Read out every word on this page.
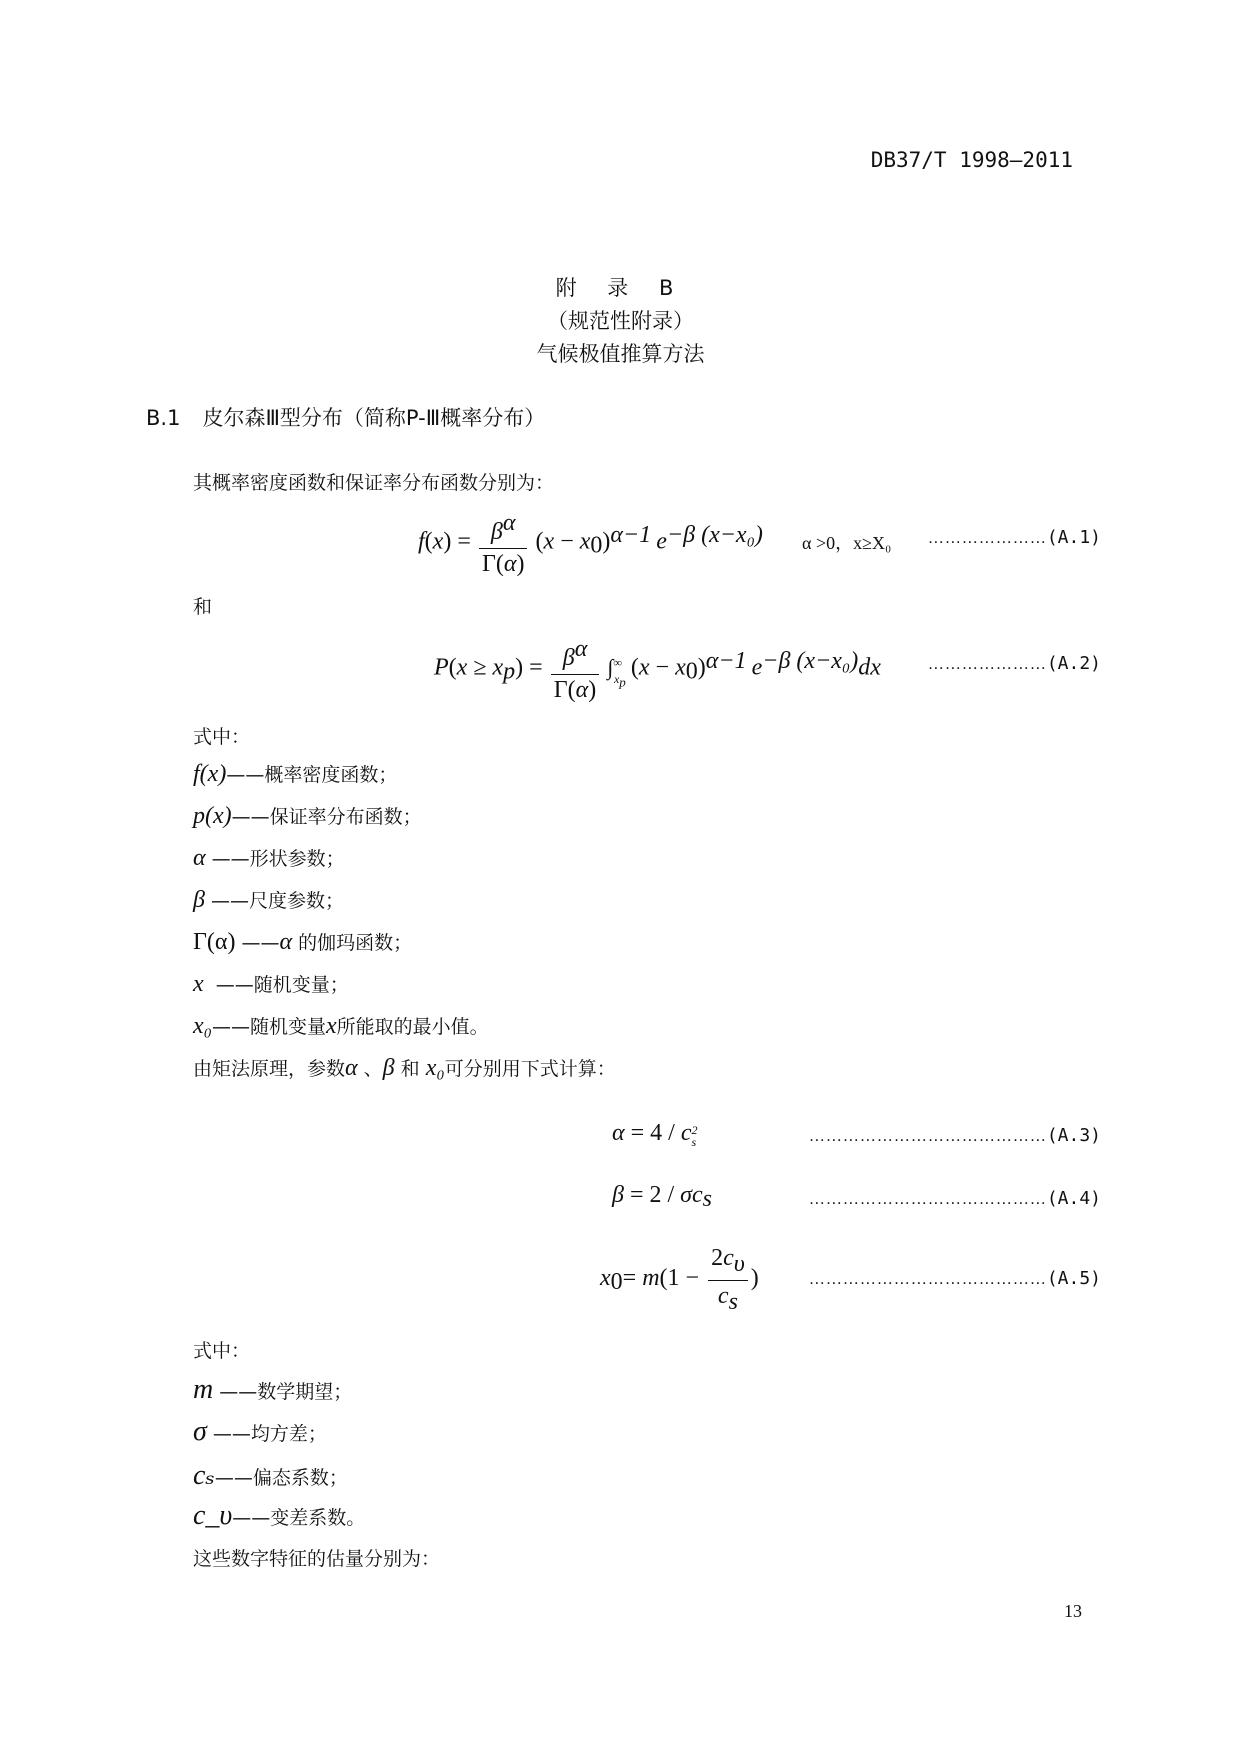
DB37/T 1998—2011
附 录 B
（规范性附录）
气候极值推算方法
B.1 皮尔森Ⅲ型分布（简称P-Ⅲ概率分布）
其概率密度函数和保证率分布函数分别为：
$f(x) = \frac{\beta^\alpha}{\Gamma(\alpha)} (x - x_0)^{\alpha-1}$ $e^{-\beta (x-x_0)}$ α >0，x≥X₀ …………………(A.1)
和
$P(x \ge x_p) = \frac{\beta^\alpha}{\Gamma(\alpha)} \int^\infty_{x_p}$ $(x - x_0)^{\alpha-1}$ $e^{-\beta (x-x_0)}dx$	…………………(A.2)
式中：
f(x)——概率密度函数；
p(x)——保证率分布函数；
α ——形状参数；
β ——尺度参数；
Γ(α) ——α 的伽玛函数；
x ——随机变量；
x₀——随机变量x所能取的最小值。
由矩法原理，参数α 、β 和 x₀可分别用下式计算：
α = 4 / c 2
s	……………………………………(A.3)
$\beta = 2 / \sigma c_s$	……………………………………(A.4)
$x_0= m(1 - \frac{2c_\upsilon}{c_s}$ )	……………………………………(A.5)
式中：
m ——数学期望；
σ ——均方差；
cₛ——偏态系数；
c_υ——变差系数。
这些数字特征的估量分别为：
13
